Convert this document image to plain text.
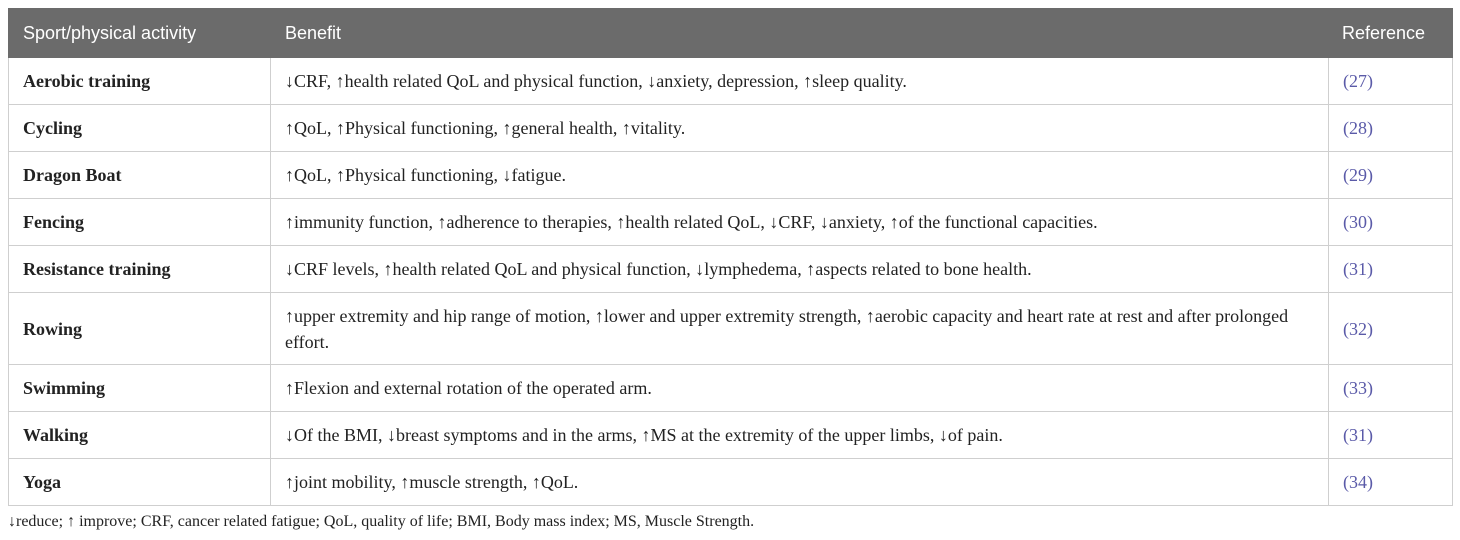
Sport/physical activity	Benefit	Reference
Aerobic training	↓CRF, ↑health related QoL and physical function, ↓anxiety, depression, ↑sleep quality.	(27)
Cycling	↑QoL, ↑Physical functioning, ↑general health, ↑vitality.	(28)
Dragon Boat	↑QoL, ↑Physical functioning, ↓fatigue.	(29)
Fencing	↑immunity function, ↑adherence to therapies, ↑health related QoL, ↓CRF, ↓anxiety, ↑of the functional capacities.	(30)
Resistance training	↓CRF levels, ↑health related QoL and physical function, ↓lymphedema, ↑aspects related to bone health.	(31)
Rowing	↑upper extremity and hip range of motion, ↑lower and upper extremity strength, ↑aerobic capacity and heart rate at rest and after prolonged effort.	(32)
Swimming	↑Flexion and external rotation of the operated arm.	(33)
Walking	↓Of the BMI, ↓breast symptoms and in the arms, ↑MS at the extremity of the upper limbs, ↓of pain.	(31)
Yoga	↑joint mobility, ↑muscle strength, ↑QoL.	(34)
↓reduce; ↑ improve; CRF, cancer related fatigue; QoL, quality of life; BMI, Body mass index; MS, Muscle Strength.
